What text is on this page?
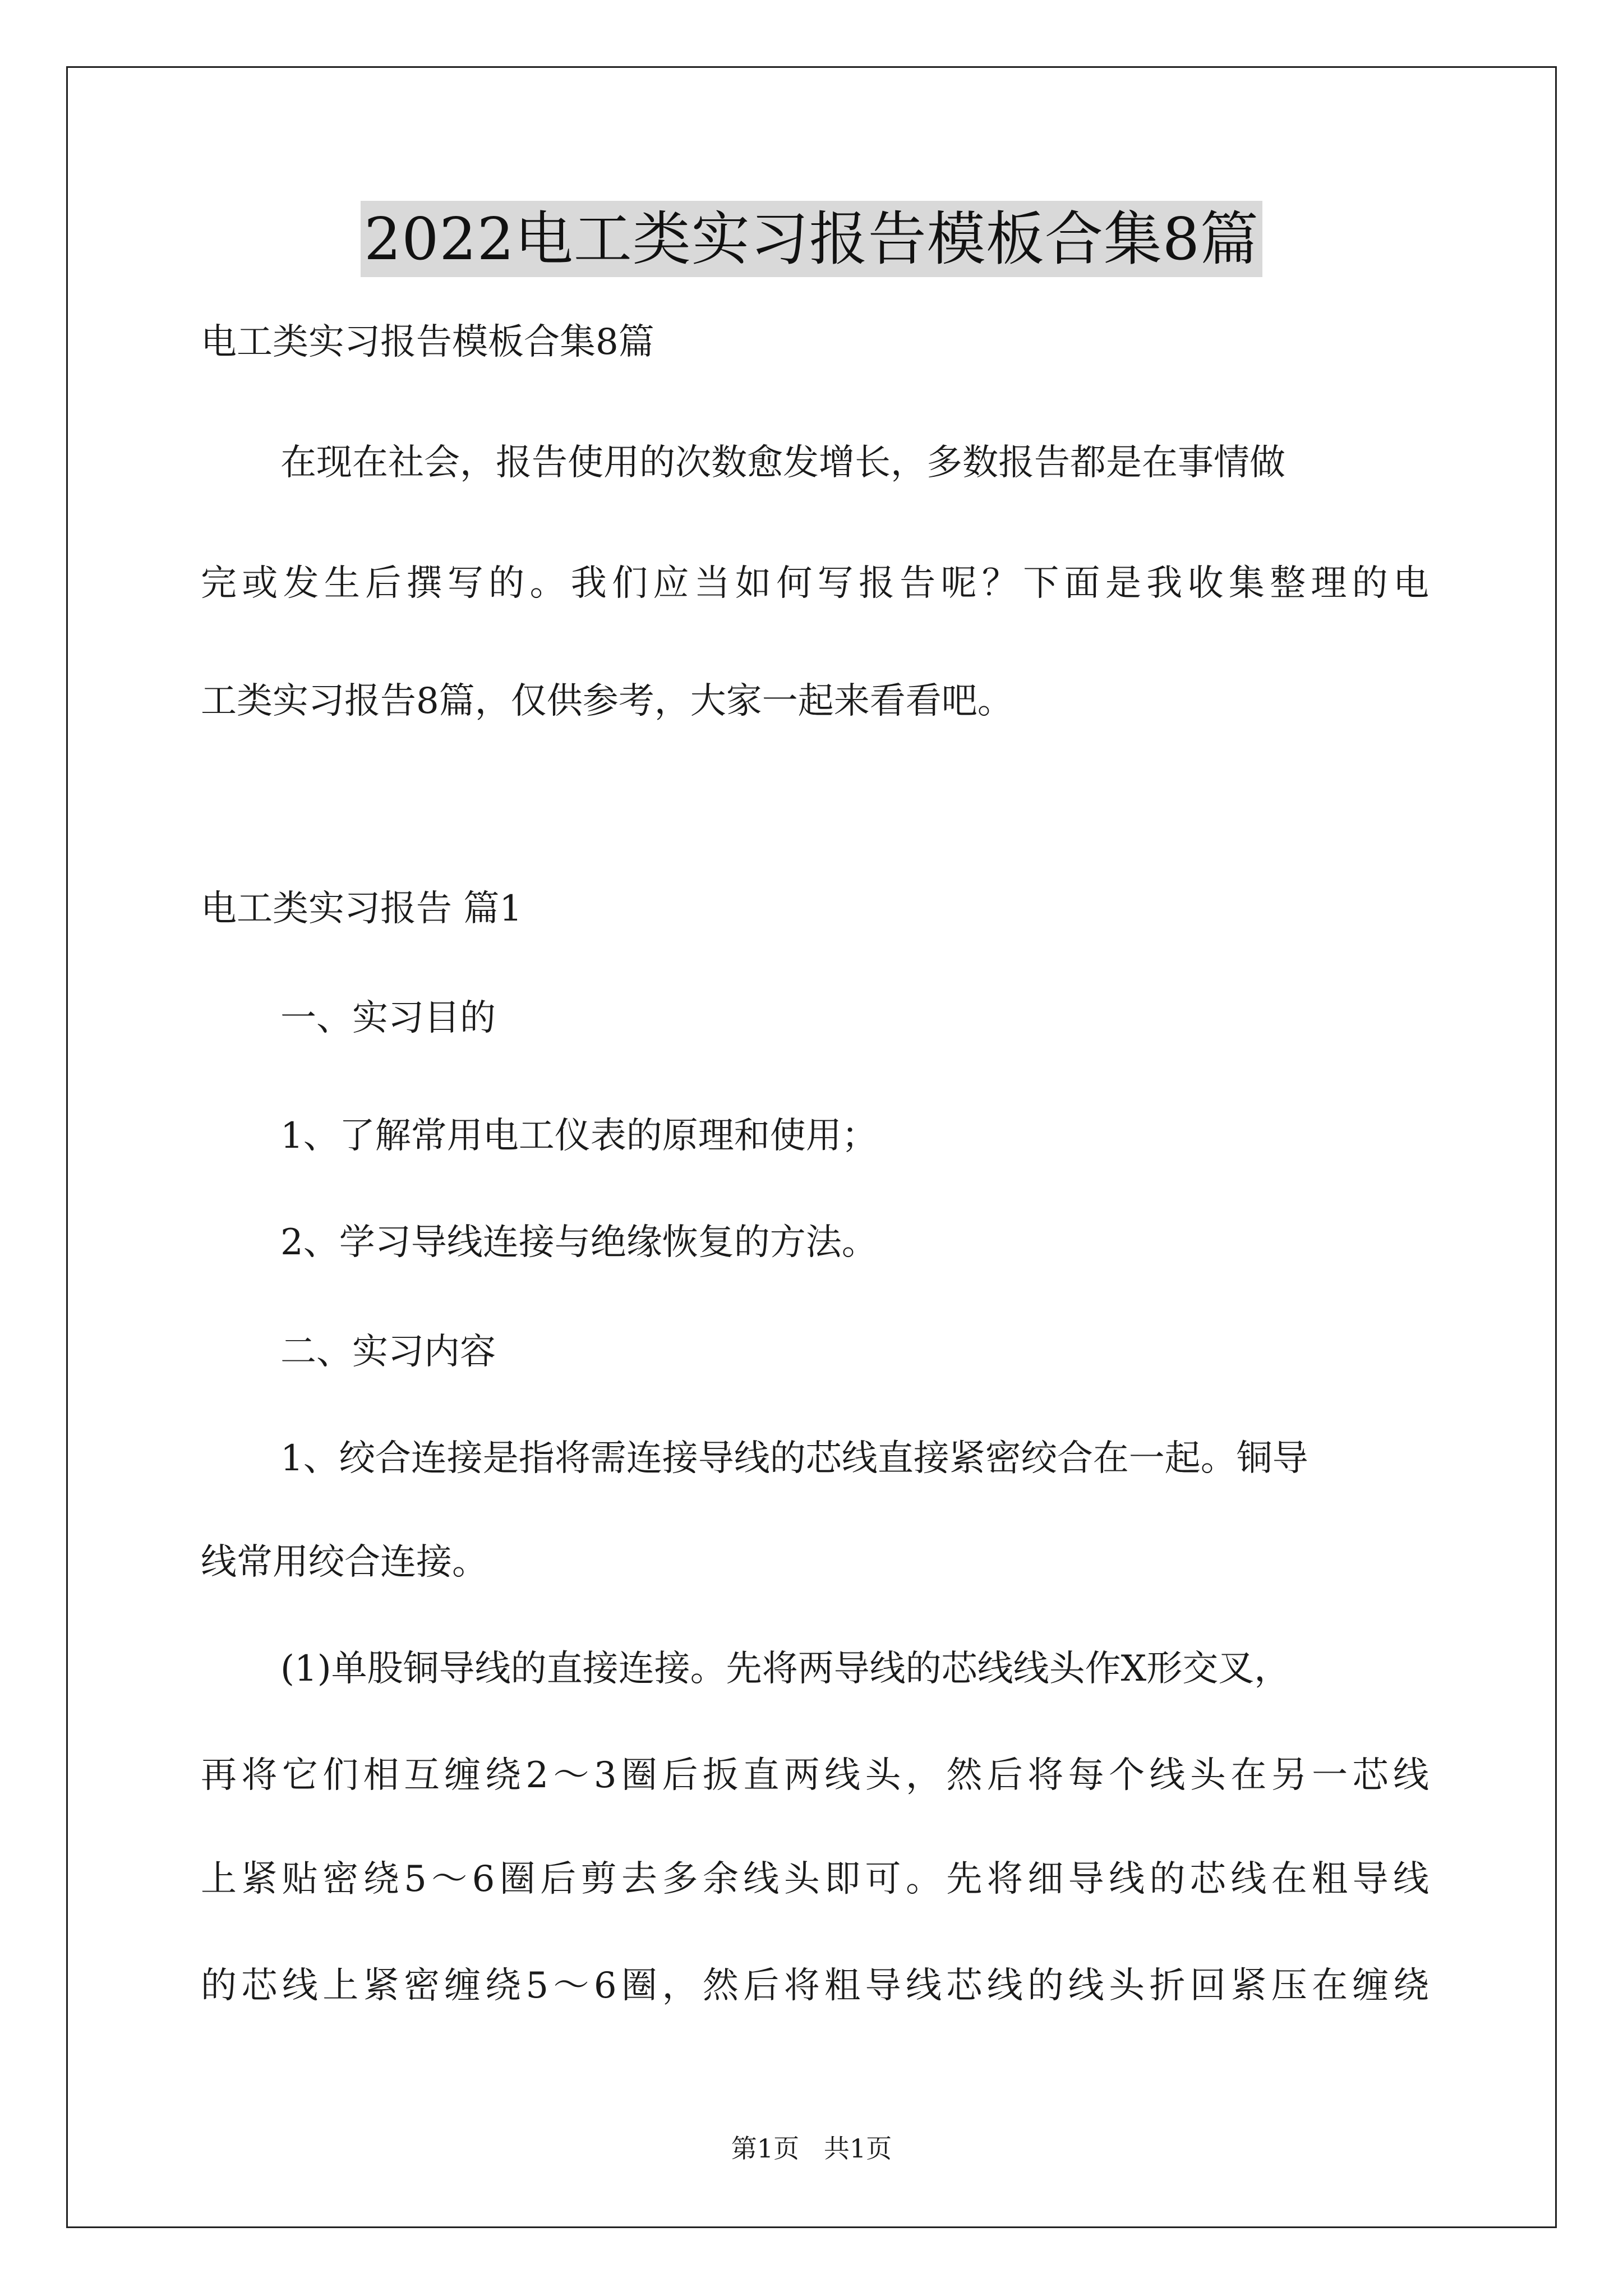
2022电工类实习报告模板合集8篇
电工类实习报告模板合集8篇
在现在社会，报告使用的次数愈发增长，多数报告都是在事情做
完或发生后撰写的。我们应当如何写报告呢？下面是我收集整理的电
工类实习报告8篇，仅供参考，大家一起来看看吧。
电工类实习报告 篇1
一、实习目的
1、了解常用电工仪表的原理和使用；
2、学习导线连接与绝缘恢复的方法。
二、实习内容
1、绞合连接是指将需连接导线的芯线直接紧密绞合在一起。铜导
线常用绞合连接。
(1)单股铜导线的直接连接。先将两导线的芯线线头作X形交叉，
再将它们相互缠绕2～3圈后扳直两线头，然后将每个线头在另一芯线
上紧贴密绕5～6圈后剪去多余线头即可。先将细导线的芯线在粗导线
的芯线上紧密缠绕5～6圈，然后将粗导线芯线的线头折回紧压在缠绕
第1页   共1页
